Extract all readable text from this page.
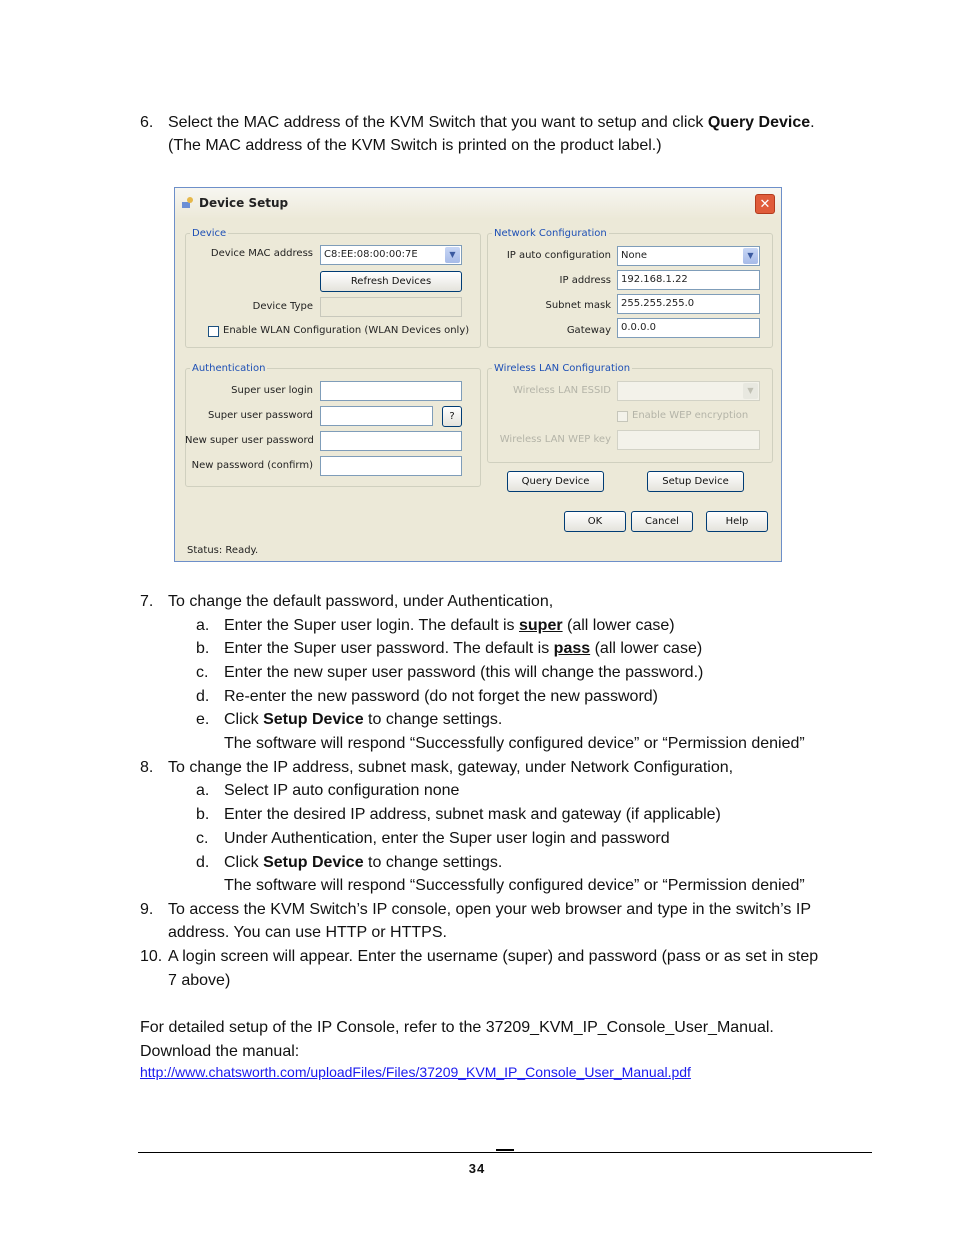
6. Select the MAC address of the KVM Switch that you want to setup and click Query Device.
(The MAC address of the KVM Switch is printed on the product label.)
Device Setup	✕
Device
Device MAC address	C8:EE:08:00:00:7E	▼
Refresh Devices
Device Type
Enable WLAN Configuration (WLAN Devices only)
Authentication
Super user login
Super user password	?
New super user password
New password (confirm)
Network Configuration
IP auto configuration	None	▼
IP address	192.168.1.22
Subnet mask	255.255.255.0
Gateway	0.0.0.0
Wireless LAN Configuration
Wireless LAN ESSID	▼
Enable WEP encryption
Wireless LAN WEP key
Query Device	Setup Device
OK	Cancel	Help
Status: Ready.
7. To change the default password, under Authentication,
a. Enter the Super user login. The default is super (all lower case)
b. Enter the Super user password. The default is pass (all lower case)
c. Enter the new super user password (this will change the password.)
d. Re-enter the new password (do not forget the new password)
e. Click Setup Device to change settings.
The software will respond “Successfully configured device” or “Permission denied”
8. To change the IP address, subnet mask, gateway, under Network Configuration,
a. Select IP auto configuration none
b. Enter the desired IP address, subnet mask and gateway (if applicable)
c. Under Authentication, enter the Super user login and password
d. Click Setup Device to change settings.
The software will respond “Successfully configured device” or “Permission denied”
9. To access the KVM Switch’s IP console, open your web browser and type in the switch’s IP
address. You can use HTTP or HTTPS.
10. A login screen will appear. Enter the username (super) and password (pass or as set in step
7 above)
For detailed setup of the IP Console, refer to the 37209_KVM_IP_Console_User_Manual.
Download the manual:
http://www.chatsworth.com/uploadFiles/Files/37209_KVM_IP_Console_User_Manual.pdf
34
